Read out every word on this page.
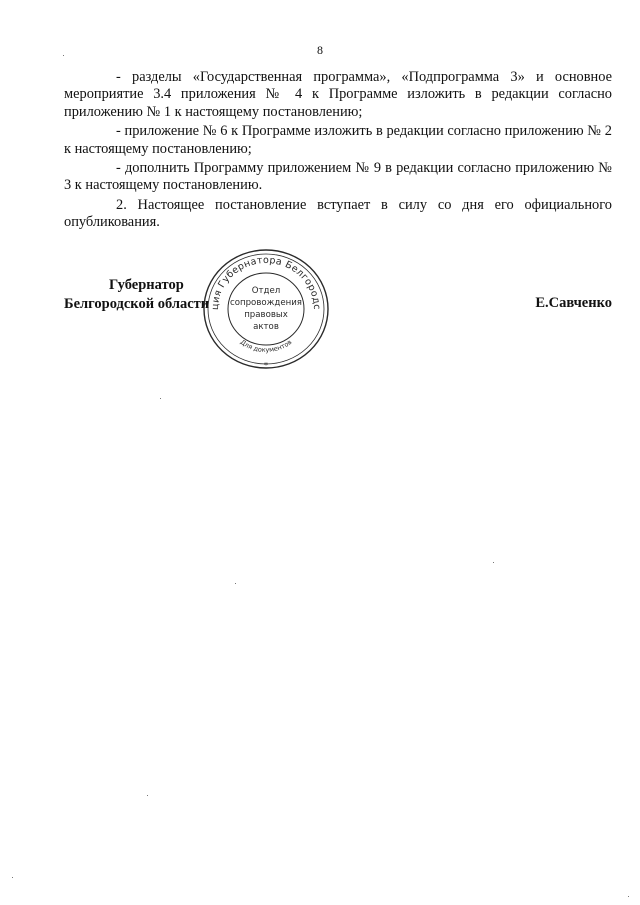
8

- разделы «Государственная программа», «Подпрограмма 3» и основное мероприятие 3.4 приложения № 4 к Программе изложить в редакции согласно приложению № 1 к настоящему постановлению;

- приложение № 6 к Программе изложить в редакции согласно приложению № 2 к настоящему постановлению;

- дополнить Программу приложением № 9 в редакции согласно приложению № 3 к настоящему постановлению.

2. Настоящее постановление вступает в силу со дня его официального опубликования.

Губернатор
Белгородской области	Е.Савченко
ция Губернатора Белгородс
Для документов
Отдел
сопровождения
правовых
актов
*
